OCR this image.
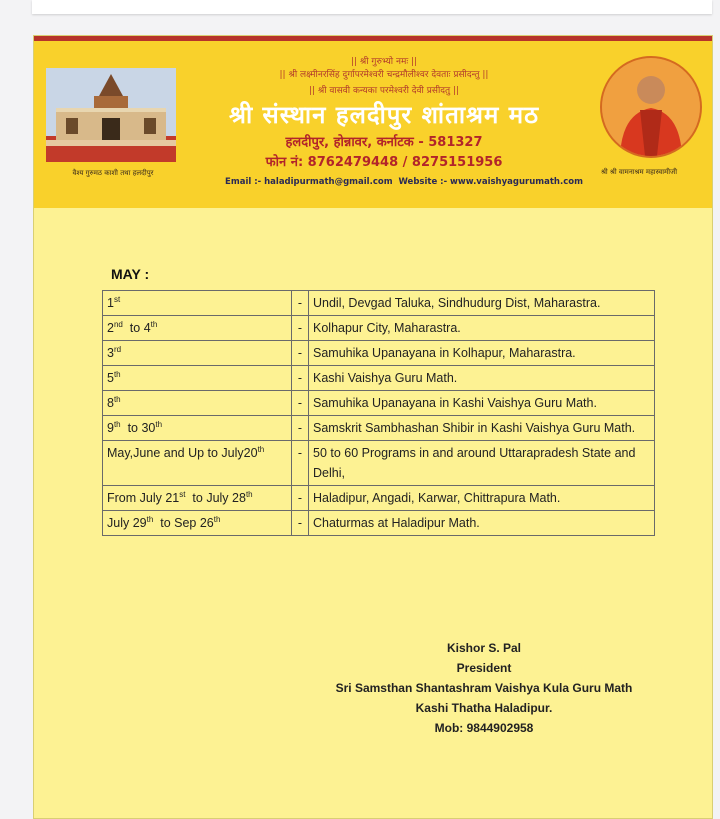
वैश्य गुरुमठ काशी तथा हलदीपुर
|| श्री गुरुभ्यो नमः ||
|| श्री लक्ष्मीनरसिंह दुर्गापरमेश्वरी चन्द्रमौलीश्वर देवताः प्रसीदन्तु ||
|| श्री वासवी कन्यका परमेश्वरी देवी प्रसीदतु ||
श्री संस्थान हलदीपुर शांताश्रम मठ
हलदीपुर, होन्नावर, कर्नाटक - 581327
फोन नं: 8762479448 / 8275151956
Email :- haladipurmath@gmail.com Website :- www.vaishyagurumath.com
श्री श्री वामनाश्रम महास्वामीजी
MAY :
1st	-	Undil, Devgad Taluka, Sindhudurg Dist, Maharastra.
2nd  to 4th	-	Kolhapur City, Maharastra.
3rd	-	Samuhika Upanayana in Kolhapur, Maharastra.
5th	-	Kashi Vaishya Guru Math.
8th	-	Samuhika Upanayana in Kashi Vaishya Guru Math.
9th  to 30th	-	Samskrit Sambhashan Shibir in Kashi Vaishya Guru Math.
May,June and Up to July20th	-	50 to 60 Programs in and around Uttarapradesh State and Delhi,
From July 21st  to July 28th	-	Haladipur, Angadi, Karwar, Chittrapura Math.
July 29th  to Sep 26th	-	Chaturmas at Haladipur Math.
Kishor S. Pal
President
Sri Samsthan Shantashram Vaishya Kula Guru Math
Kashi Thatha Haladipur.
Mob: 9844902958
